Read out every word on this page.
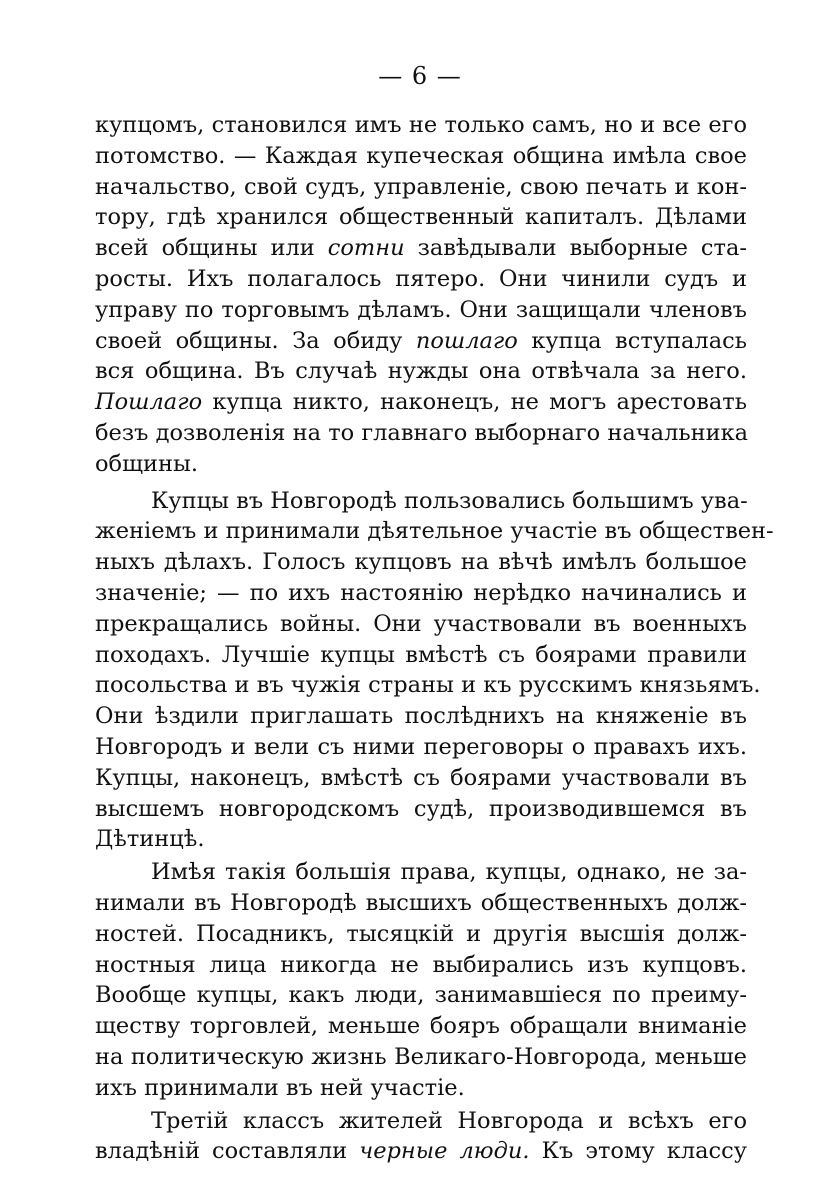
— 6 —
купцомъ, становился имъ не только самъ, но и все его
потомство. — Каждая купеческая община имѣла свое
начальство, свой судъ, управленіе, свою печать и кон-
тору, гдѣ хранился общественный капиталъ. Дѣлами
всей общины или сотни завѣдывали выборные ста-
росты. Ихъ полагалось пятеро. Они чинили судъ и
управу по торговымъ дѣламъ. Они защищали членовъ
своей общины. За обиду пошлаго купца вступалась
вся община. Въ случаѣ нужды она отвѣчала за него.
Пошлаго купца никто, наконецъ, не могъ арестовать
безъ дозволенія на то главнаго выборнаго начальника
общины.
Купцы въ Новгородѣ пользовались большимъ ува-
женіемъ и принимали дѣятельное участіе въ обществен-
ныхъ дѣлахъ. Голосъ купцовъ на вѣчѣ имѣлъ большое
значеніе; — по ихъ настоянію нерѣдко начинались и
прекращались войны. Они участвовали въ военныхъ
походахъ. Лучшіе купцы вмѣстѣ съ боярами правили
посольства и въ чужія страны и къ русскимъ князьямъ.
Они ѣздили приглашать послѣднихъ на княженіе въ
Новгородъ и вели съ ними переговоры о правахъ ихъ.
Купцы, наконецъ, вмѣстѣ съ боярами участвовали въ
высшемъ новгородскомъ судѣ, производившемся въ
Дѣтинцѣ.
Имѣя такія большія права, купцы, однако, не за-
нимали въ Новгородѣ высшихъ общественныхъ долж-
ностей. Посадникъ, тысяцкій и другія высшія долж-
ностныя лица никогда не выбирались изъ купцовъ.
Вообще купцы, какъ люди, занимавшіеся по преиму-
ществу торговлей, меньше бояръ обращали вниманіе
на политическую жизнь Великаго-Новгорода, меньше
ихъ принимали въ ней участіе.
Третій классъ жителей Новгорода и всѣхъ его
владѣній составляли черные люди. Къ этому классу
